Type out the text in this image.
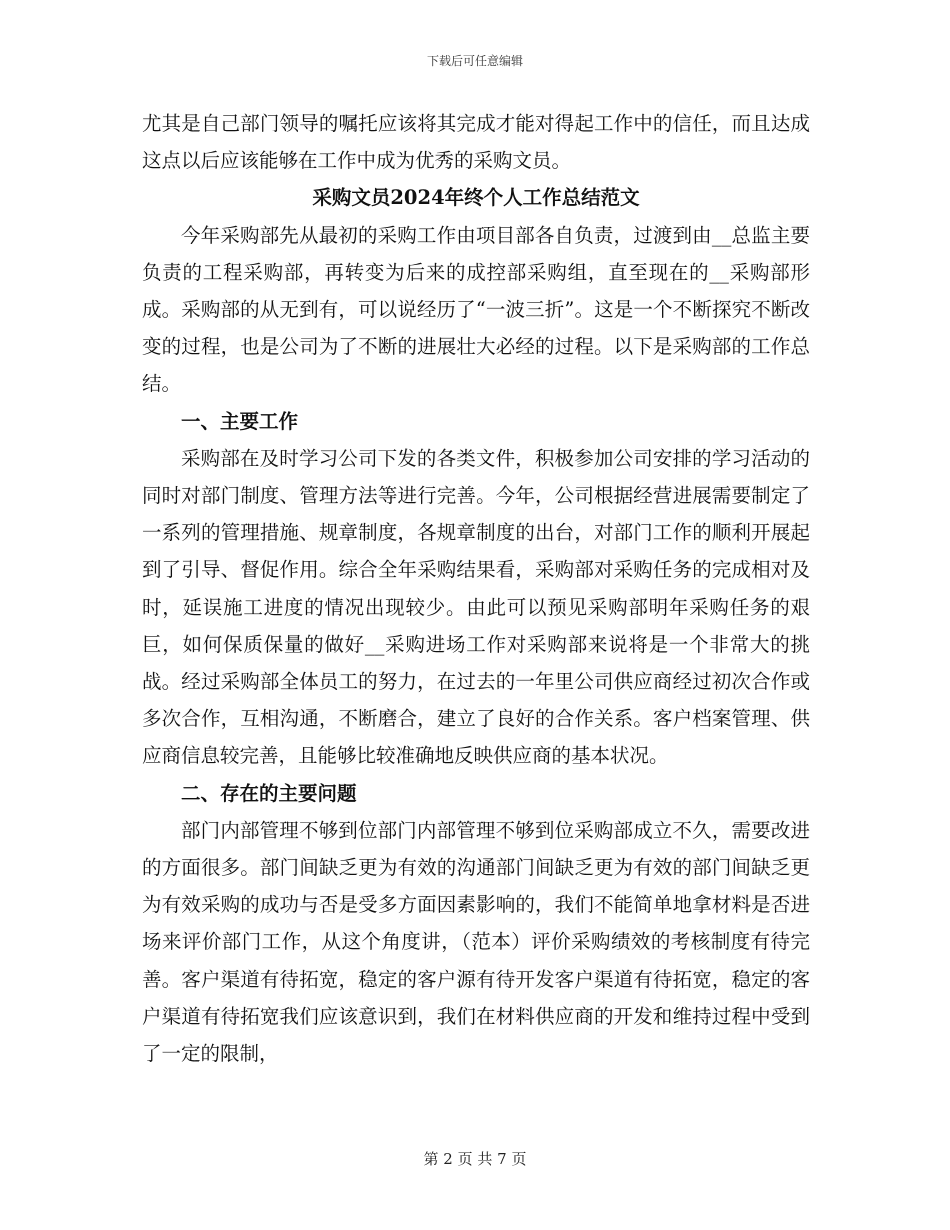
下载后可任意编辑

尤其是自己部门领导的嘱托应该将其完成才能对得起工作中的信任，而且达成这点以后应该能够在工作中成为优秀的采购文员。

采购文员2024年终个人工作总结范文

今年采购部先从最初的采购工作由项目部各自负责，过渡到由__总监主要负责的工程采购部，再转变为后来的成控部采购组，直至现在的__采购部形成。采购部的从无到有，可以说经历了“一波三折”。这是一个不断探究不断改变的过程，也是公司为了不断的进展壮大必经的过程。以下是采购部的工作总结。

一、主要工作

采购部在及时学习公司下发的各类文件，积极参加公司安排的学习活动的同时对部门制度、管理方法等进行完善。今年，公司根据经营进展需要制定了一系列的管理措施、规章制度，各规章制度的出台，对部门工作的顺利开展起到了引导、督促作用。综合全年采购结果看，采购部对采购任务的完成相对及时，延误施工进度的情况出现较少。由此可以预见采购部明年采购任务的艰巨，如何保质保量的做好__采购进场工作对采购部来说将是一个非常大的挑战。经过采购部全体员工的努力，在过去的一年里公司供应商经过初次合作或多次合作，互相沟通，不断磨合，建立了良好的合作关系。客户档案管理、供应商信息较完善，且能够比较准确地反映供应商的基本状况。

二、存在的主要问题

部门内部管理不够到位部门内部管理不够到位采购部成立不久，需要改进的方面很多。部门间缺乏更为有效的沟通部门间缺乏更为有效的部门间缺乏更为有效采购的成功与否是受多方面因素影响的，我们不能简单地拿材料是否进场来评价部门工作，从这个角度讲，（范本）评价采购绩效的考核制度有待完善。客户渠道有待拓宽，稳定的客户源有待开发客户渠道有待拓宽，稳定的客户渠道有待拓宽我们应该意识到，我们在材料供应商的开发和维持过程中受到了一定的限制，

第 2 页 共 7 页
